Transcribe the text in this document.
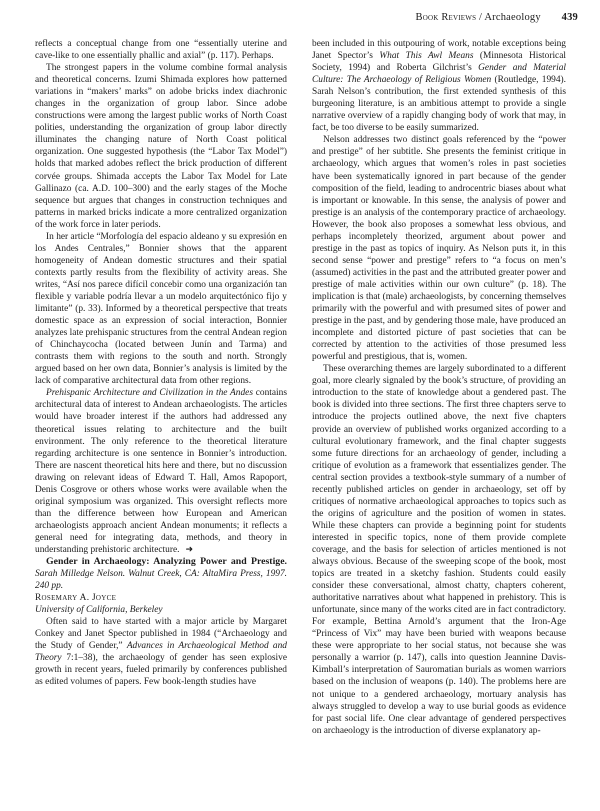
Book Reviews / Archaeology 439

reflects a conceptual change from one “essentially uterine and cave-like to one essentially phallic and axial” (p. 117). Perhaps.

The strongest papers in the volume combine formal analysis and theoretical concerns. Izumi Shimada explores how patterned variations in “makers’ marks” on adobe bricks index diachronic changes in the organization of group labor. Since adobe constructions were among the largest public works of North Coast polities, understanding the organization of group labor directly illuminates the changing nature of North Coast political organization. One suggested hypothesis (the “Labor Tax Model”) holds that marked adobes reflect the brick production of different corvée groups. Shimada accepts the Labor Tax Model for Late Gallinazo (ca. A.D. 100–300) and the early stages of the Moche sequence but argues that changes in construction techniques and patterns in marked bricks indicate a more centralized organization of the work force in later periods.

In her article “Morfología del espacio aldeano y su expresión en los Andes Centrales,” Bonnier shows that the apparent homogeneity of Andean domestic structures and their spatial contexts partly results from the flexibility of activity areas. She writes, “Así nos parece difícil concebir como una organización tan flexible y variable podría llevar a un modelo arquitectónico fijo y limitante” (p. 33). Informed by a theoretical perspective that treats domestic space as an expression of social interaction, Bonnier analyzes late prehispanic structures from the central Andean region of Chinchaycocha (located between Junín and Tarma) and contrasts them with regions to the south and north. Strongly argued based on her own data, Bonnier’s analysis is limited by the lack of comparative architectural data from other regions.

Prehispanic Architecture and Civilization in the Andes contains architectural data of interest to Andean archaeologists. The articles would have broader interest if the authors had addressed any theoretical issues relating to architecture and the built environment. The only reference to the theoretical literature regarding architecture is one sentence in Bonnier’s introduction. There are nascent theoretical hits here and there, but no discussion drawing on relevant ideas of Edward T. Hall, Amos Rapoport, Denis Cosgrove or others whose works were available when the original symposium was organized. This oversight reflects more than the difference between how European and American archaeologists approach ancient Andean monuments; it reflects a general need for integrating data, methods, and theory in understanding prehistoric architecture. ➜

Gender in Archaeology: Analyzing Power and Prestige. Sarah Milledge Nelson. Walnut Creek, CA: AltaMira Press, 1997. 240 pp.

Rosemary A. Joyce

University of California, Berkeley

Often said to have started with a major article by Margaret Conkey and Janet Spector published in 1984 (“Archaeology and the Study of Gender,” Advances in Archaeological Method and Theory 7:1–38), the archaeology of gender has seen explosive growth in recent years, fueled primarily by conferences published as edited volumes of papers. Few book-length studies have

been included in this outpouring of work, notable exceptions being Janet Spector’s What This Awl Means (Minnesota Historical Society, 1994) and Roberta Gilchrist’s Gender and Material Culture: The Archaeology of Religious Women (Routledge, 1994). Sarah Nelson’s contribution, the first extended synthesis of this burgeoning literature, is an ambitious attempt to provide a single narrative overview of a rapidly changing body of work that may, in fact, be too diverse to be easily summarized.

Nelson addresses two distinct goals referenced by the “power and prestige” of her subtitle. She presents the feminist critique in archaeology, which argues that women’s roles in past societies have been systematically ignored in part because of the gender composition of the field, leading to androcentric biases about what is important or knowable. In this sense, the analysis of power and prestige is an analysis of the contemporary practice of archaeology. However, the book also proposes a somewhat less obvious, and perhaps incompletely theorized, argument about power and prestige in the past as topics of inquiry. As Nelson puts it, in this second sense “power and prestige” refers to “a focus on men’s (assumed) activities in the past and the attributed greater power and prestige of male activities within our own culture” (p. 18). The implication is that (male) archaeologists, by concerning themselves primarily with the powerful and with presumed sites of power and prestige in the past, and by gendering those male, have produced an incomplete and distorted picture of past societies that can be corrected by attention to the activities of those presumed less powerful and prestigious, that is, women.

These overarching themes are largely subordinated to a different goal, more clearly signaled by the book’s structure, of providing an introduction to the state of knowledge about a gendered past. The book is divided into three sections. The first three chapters serve to introduce the projects outlined above, the next five chapters provide an overview of published works organized according to a cultural evolutionary framework, and the final chapter suggests some future directions for an archaeology of gender, including a critique of evolution as a framework that essentializes gender. The central section provides a textbook-style summary of a number of recently published articles on gender in archaeology, set off by critiques of normative archaeological approaches to topics such as the origins of agriculture and the position of women in states. While these chapters can provide a beginning point for students interested in specific topics, none of them provide complete coverage, and the basis for selection of articles mentioned is not always obvious. Because of the sweeping scope of the book, most topics are treated in a sketchy fashion. Students could easily consider these conversational, almost chatty, chapters coherent, authoritative narratives about what happened in prehistory. This is unfortunate, since many of the works cited are in fact contradictory. For example, Bettina Arnold’s argument that the Iron-Age “Princess of Vix” may have been buried with weapons because these were appropriate to her social status, not because she was personally a warrior (p. 147), calls into question Jeannine Davis-Kimball’s interpretation of Sauromatian burials as women warriors based on the inclusion of weapons (p. 140). The problems here are not unique to a gendered archaeology, mortuary analysis has always struggled to develop a way to use burial goods as evidence for past social life. One clear advantage of gendered perspectives on archaeology is the introduction of diverse explanatory ap-
